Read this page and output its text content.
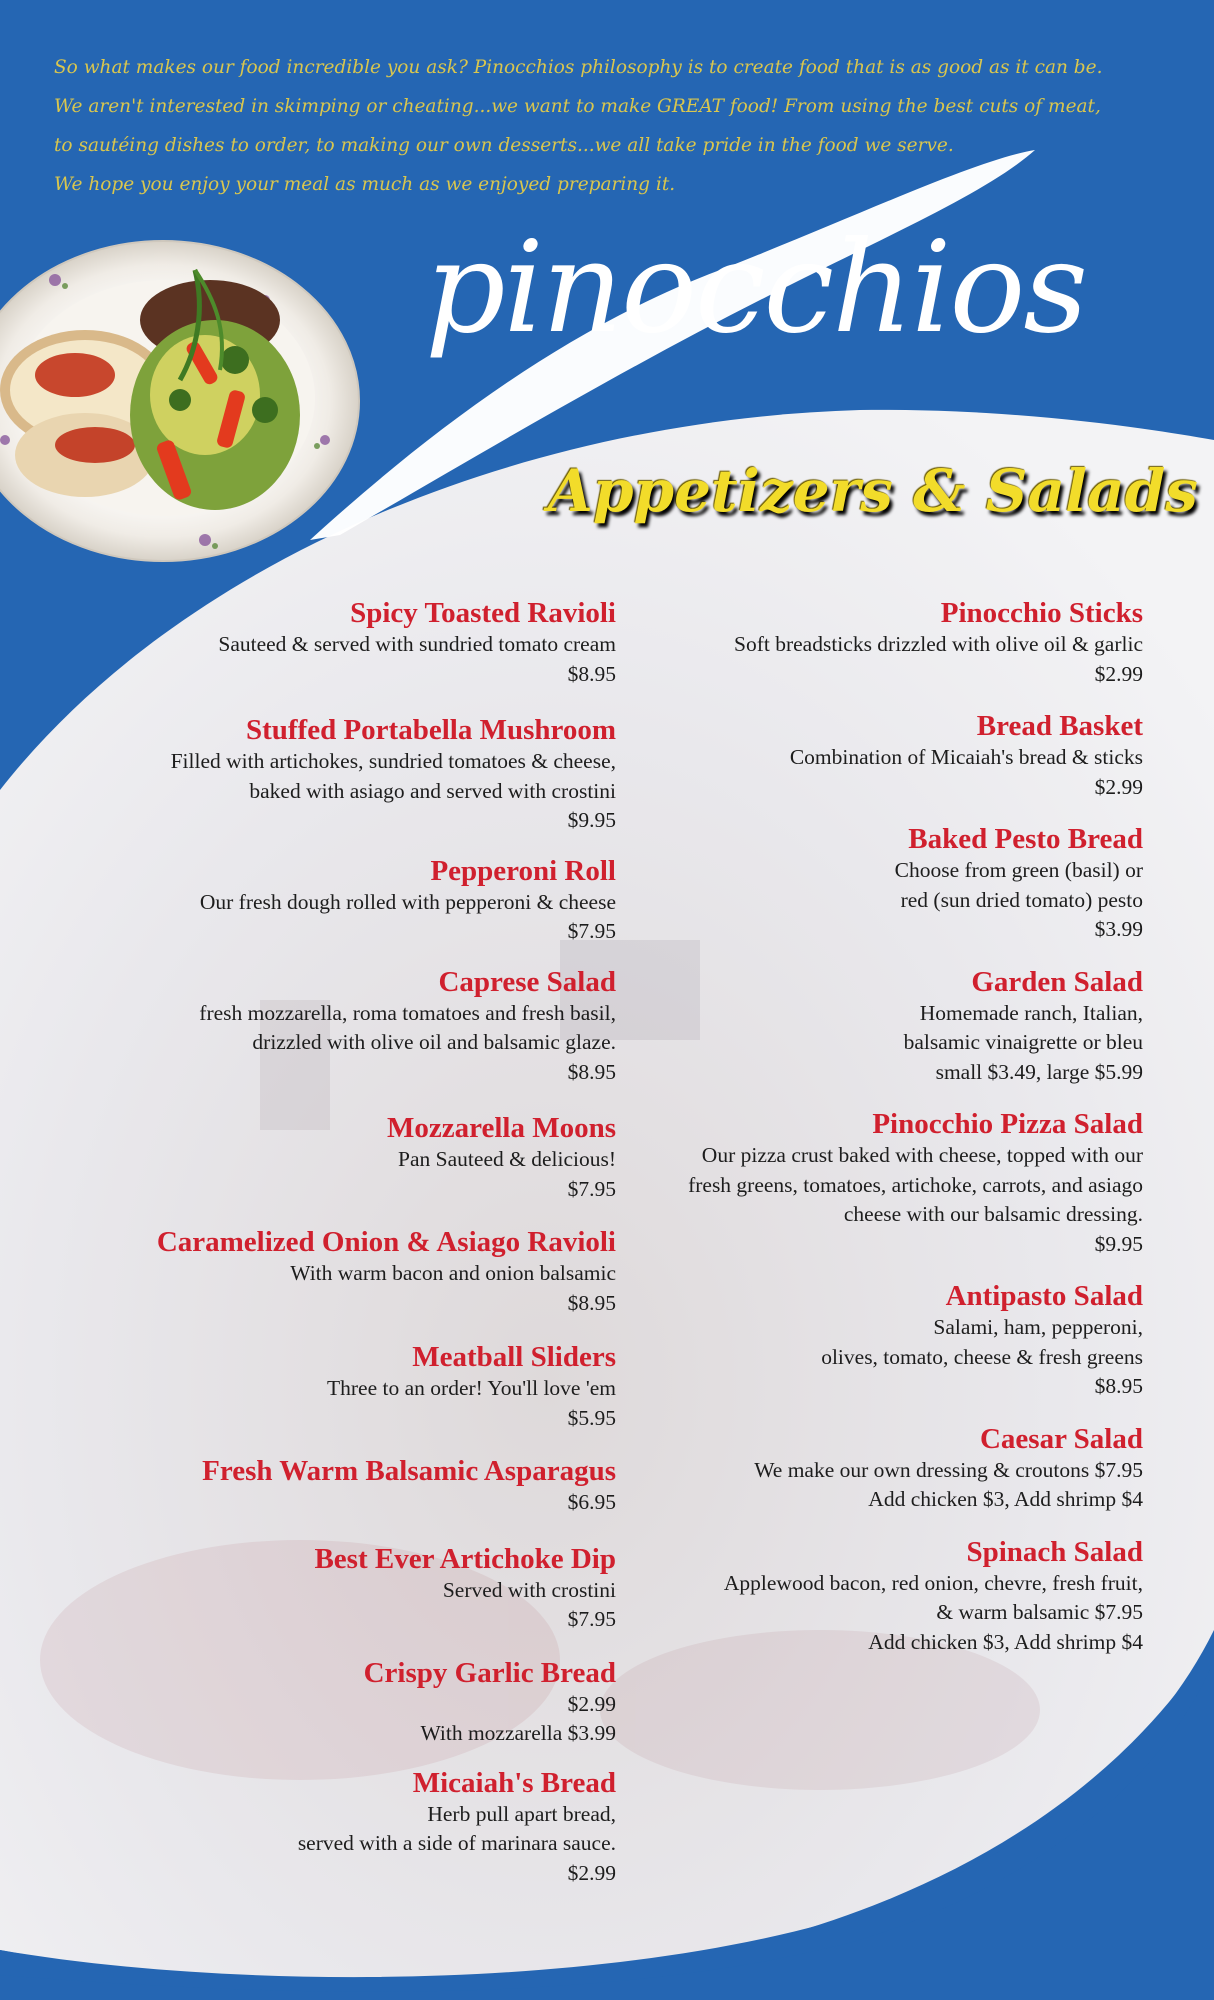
So what makes our food incredible you ask? Pinocchios philosophy is to create food that is as good as it can be.
We aren't interested in skimping or cheating...we want to make GREAT food! From using the best cuts of meat,
to sautéing dishes to order, to making our own desserts...we all take pride in the food we serve.
We hope you enjoy your meal as much as we enjoyed preparing it.
pinocchios
Appetizers & Salads
Spicy Toasted Ravioli
Sauteed & served with sundried tomato cream
$8.95
Stuffed Portabella Mushroom
Filled with artichokes, sundried tomatoes & cheese,
baked with asiago and served with crostini
$9.95
Pepperoni Roll
Our fresh dough rolled with pepperoni & cheese
$7.95
Caprese Salad
fresh mozzarella, roma tomatoes and fresh basil,
drizzled with olive oil and balsamic glaze.
$8.95
Mozzarella Moons
Pan Sauteed & delicious!
$7.95
Caramelized Onion & Asiago Ravioli
With warm bacon and onion balsamic
$8.95
Meatball Sliders
Three to an order! You'll love 'em
$5.95
Fresh Warm Balsamic Asparagus
$6.95
Best Ever Artichoke Dip
Served with crostini
$7.95
Crispy Garlic Bread
$2.99
With mozzarella $3.99
Micaiah's Bread
Herb pull apart bread,
served with a side of marinara sauce.
$2.99
Pinocchio Sticks
Soft breadsticks drizzled with olive oil & garlic
$2.99
Bread Basket
Combination of Micaiah's bread & sticks
$2.99
Baked Pesto Bread
Choose from green (basil) or
red (sun dried tomato) pesto
$3.99
Garden Salad
Homemade ranch, Italian,
balsamic vinaigrette or bleu
small $3.49, large $5.99
Pinocchio Pizza Salad
Our pizza crust baked with cheese, topped with our
fresh greens, tomatoes, artichoke, carrots, and asiago
cheese with our balsamic dressing.
$9.95
Antipasto Salad
Salami, ham, pepperoni,
olives, tomato, cheese & fresh greens
$8.95
Caesar Salad
We make our own dressing & croutons $7.95
Add chicken $3, Add shrimp $4
Spinach Salad
Applewood bacon, red onion, chevre, fresh fruit,
& warm balsamic $7.95
Add chicken $3, Add shrimp $4
